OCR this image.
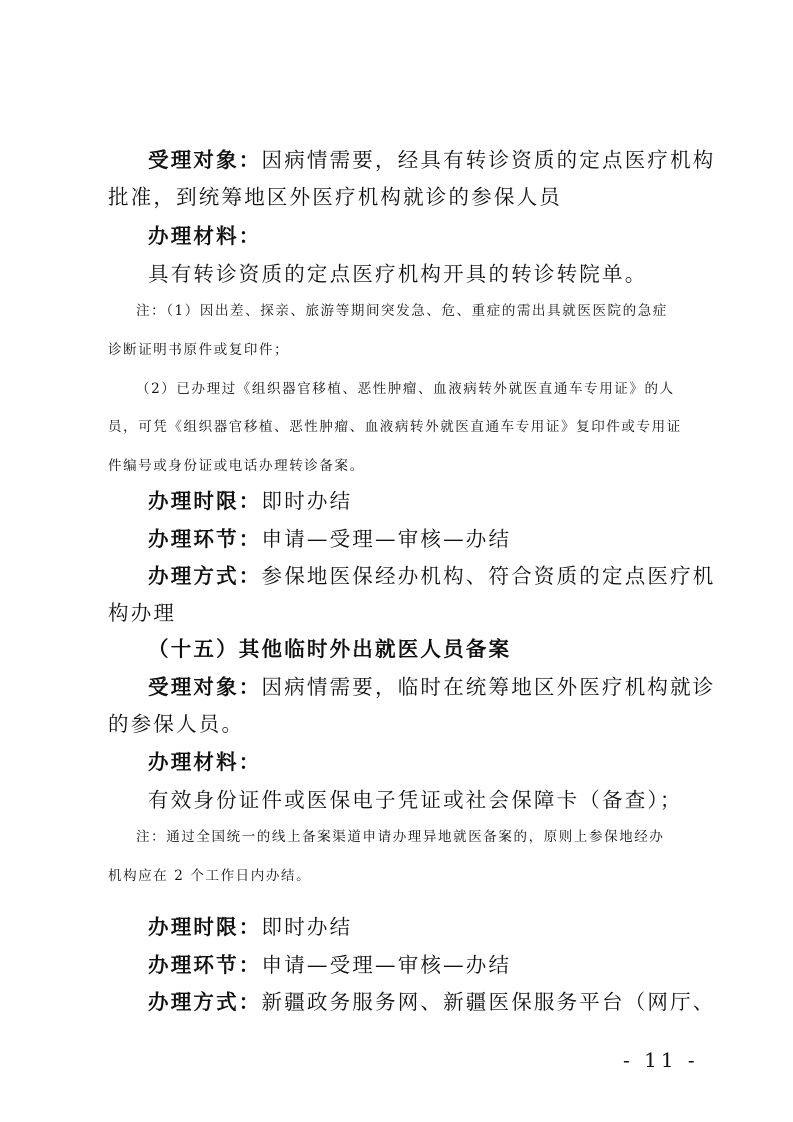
受理对象：因病情需要，经具有转诊资质的定点医疗机构
批准，到统筹地区外医疗机构就诊的参保人员
办理材料：
具有转诊资质的定点医疗机构开具的转诊转院单。
注：（1）因出差、探亲、旅游等期间突发急、危、重症的需出具就医医院的急症
诊断证明书原件或复印件；
（2）已办理过《组织器官移植、恶性肿瘤、血液病转外就医直通车专用证》的人
员，可凭《组织器官移植、恶性肿瘤、血液病转外就医直通车专用证》复印件或专用证
件编号或身份证或电话办理转诊备案。
办理时限：即时办结
办理环节：申请—受理—审核—办结
办理方式：参保地医保经办机构、符合资质的定点医疗机
构办理
（十五）其他临时外出就医人员备案
受理对象：因病情需要，临时在统筹地区外医疗机构就诊
的参保人员。
办理材料：
有效身份证件或医保电子凭证或社会保障卡（备查）；
注：通过全国统一的线上备案渠道申请办理异地就医备案的，原则上参保地经办
机构应在 2 个工作日内办结。
办理时限：即时办结
办理环节：申请—受理—审核—办结
办理方式：新疆政务服务网、新疆医保服务平台（网厅、
- 11 -
